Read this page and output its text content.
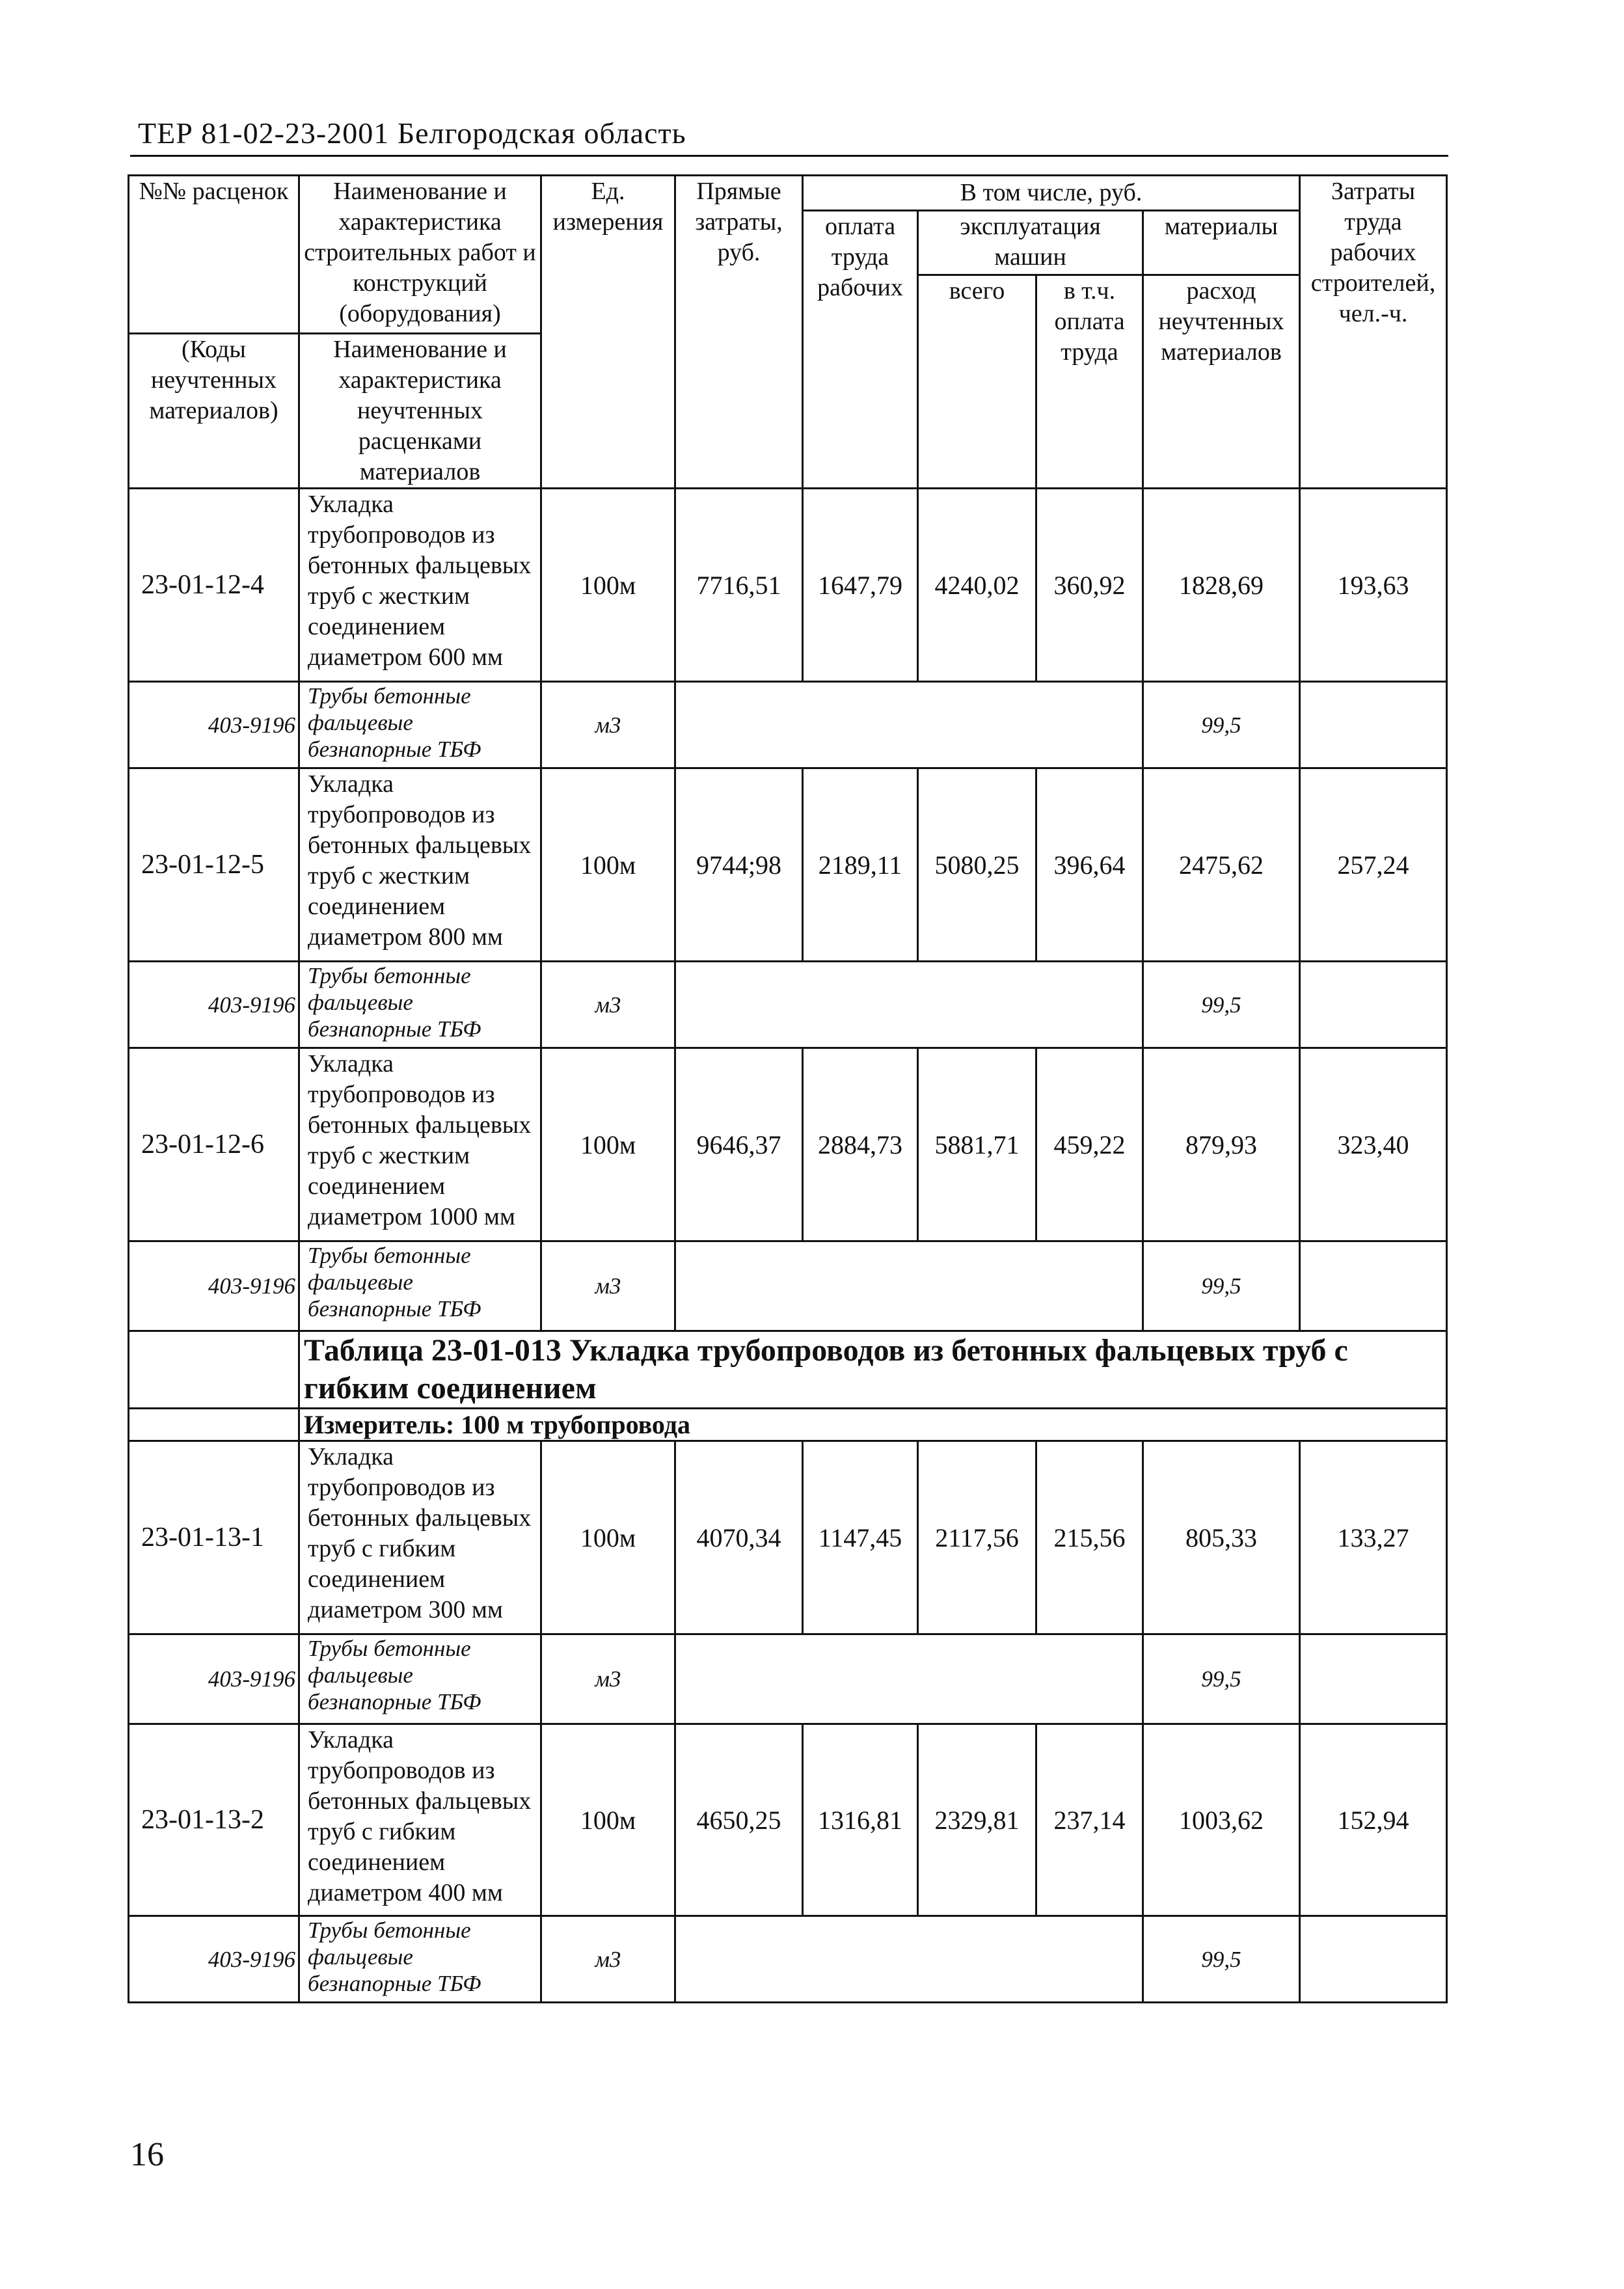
ТЕР 81-02-23-2001 Белгородская область
№№ расценок	Наименование и характеристика строительных работ и конструкций (оборудования)	Ед. измерения	Прямые затраты, руб.	В том числе, руб.				Затраты труда рабочих строителей, чел.-ч.
				оплата труда рабочих	эксплуатация машин		материалы	
					всего	в т.ч. оплата труда	расход неучтенных материалов	
(Коды неучтенных материалов)	Наименование и характеристика неучтенных расценками материалов							

23-01-12-4	Укладка трубопроводов из бетонных фальцевых труб с жестким соединением диаметром 600 мм	100м	7716,51	1647,79	4240,02	360,92	1828,69	193,63
403-9196	Трубы бетонные фальцевые безнапорные ТБФ	м3					99,5	
23-01-12-5	Укладка трубопроводов из бетонных фальцевых труб с жестким соединением диаметром 800 мм	100м	9744;98	2189,11	5080,25	396,64	2475,62	257,24
403-9196	Трубы бетонные фальцевые безнапорные ТБФ	м3					99,5	
23-01-12-6	Укладка трубопроводов из бетонных фальцевых труб с жестким соединением диаметром 1000 мм	100м	9646,37	2884,73	5881,71	459,22	879,93	323,40
403-9196	Трубы бетонные фальцевые безнапорные ТБФ	м3					99,5	
	Таблица 23-01-013 Укладка трубопроводов из бетонных фальцевых труб с гибким соединением							
	Измеритель: 100 м трубопровода							
23-01-13-1	Укладка трубопроводов из бетонных фальцевых труб с гибким соединением диаметром 300 мм	100м	4070,34	1147,45	2117,56	215,56	805,33	133,27
403-9196	Трубы бетонные фальцевые безнапорные ТБФ	м3					99,5	
23-01-13-2	Укладка трубопроводов из бетонных фальцевых труб с гибким соединением диаметром 400 мм	100м	4650,25	1316,81	2329,81	237,14	1003,62	152,94
403-9196	Трубы бетонные фальцевые безнапорные ТБФ	м3					99,5	
16
